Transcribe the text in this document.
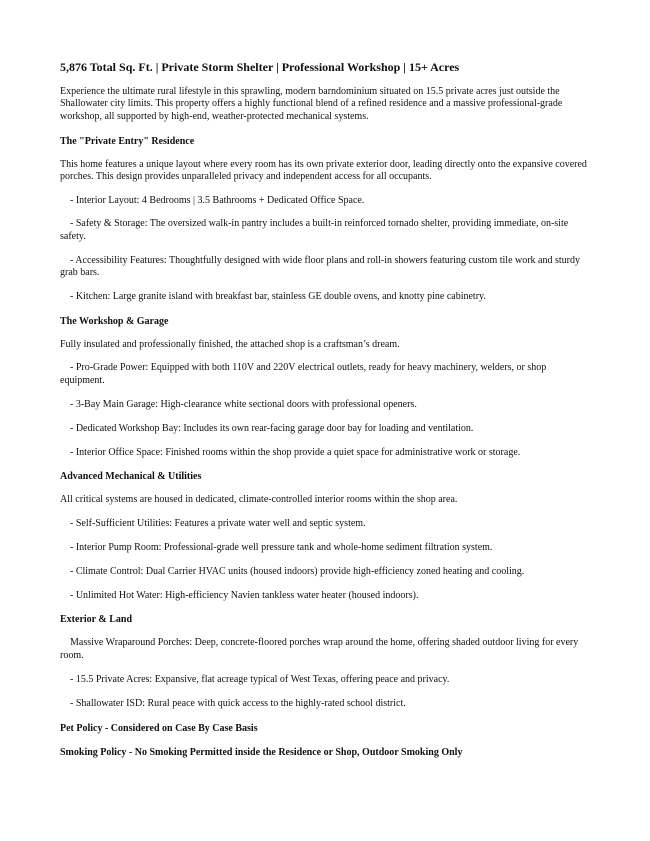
5,876 Total Sq. Ft. | Private Storm Shelter | Professional Workshop | 15+ Acres

Experience the ultimate rural lifestyle in this sprawling, modern barndominium situated on 15.5 private acres just outside the Shallowater city limits. This property offers a highly functional blend of a refined residence and a massive professional-grade workshop, all supported by high-end, weather-protected mechanical systems.

The "Private Entry" Residence

This home features a unique layout where every room has its own private exterior door, leading directly onto the expansive covered porches. This design provides unparalleled privacy and independent access for all occupants.

- Interior Layout: 4 Bedrooms | 3.5 Bathrooms + Dedicated Office Space.

- Safety & Storage: The oversized walk-in pantry includes a built-in reinforced tornado shelter, providing immediate, on-site safety.

- Accessibility Features: Thoughtfully designed with wide floor plans and roll-in showers featuring custom tile work and sturdy grab bars.

- Kitchen: Large granite island with breakfast bar, stainless GE double ovens, and knotty pine cabinetry.

The Workshop & Garage

Fully insulated and professionally finished, the attached shop is a craftsman’s dream.

- Pro-Grade Power: Equipped with both 110V and 220V electrical outlets, ready for heavy machinery, welders, or shop equipment.

- 3-Bay Main Garage: High-clearance white sectional doors with professional openers.

- Dedicated Workshop Bay: Includes its own rear-facing garage door bay for loading and ventilation.

- Interior Office Space: Finished rooms within the shop provide a quiet space for administrative work or storage.

Advanced Mechanical & Utilities

All critical systems are housed in dedicated, climate-controlled interior rooms within the shop area.

- Self-Sufficient Utilities: Features a private water well and septic system.

- Interior Pump Room: Professional-grade well pressure tank and whole-home sediment filtration system.

- Climate Control: Dual Carrier HVAC units (housed indoors) provide high-efficiency zoned heating and cooling.

- Unlimited Hot Water: High-efficiency Navien tankless water heater (housed indoors).

Exterior & Land

Massive Wraparound Porches: Deep, concrete-floored porches wrap around the home, offering shaded outdoor living for every room.

- 15.5 Private Acres: Expansive, flat acreage typical of West Texas, offering peace and privacy.

- Shallowater ISD: Rural peace with quick access to the highly-rated school district.

Pet Policy - Considered on Case By Case Basis
Smoking Policy - No Smoking Permitted inside the Residence or Shop, Outdoor Smoking Only
